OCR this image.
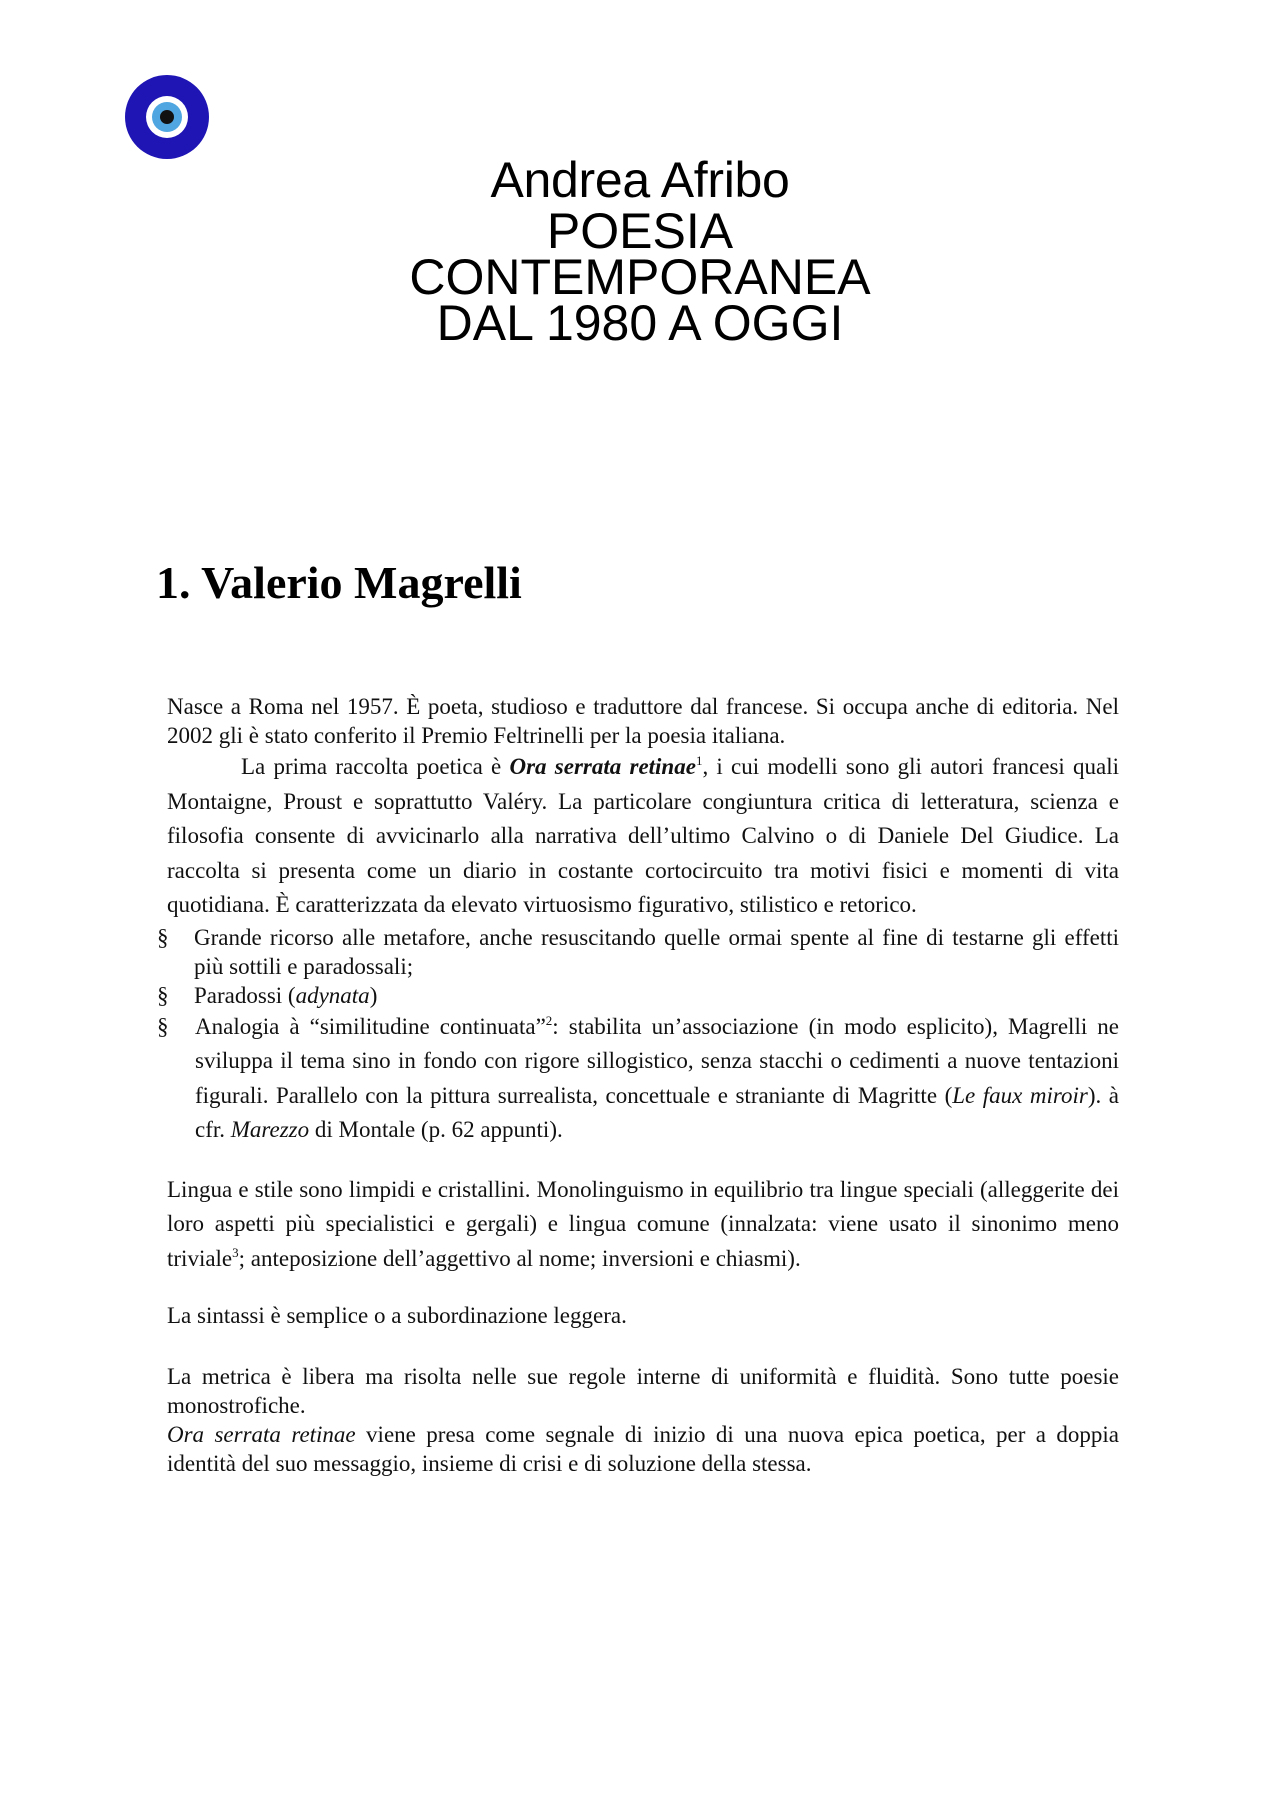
Andrea Afribo
POESIA
CONTEMPORANEA
DAL 1980 A OGGI
1. Valerio Magrelli

Nasce a Roma nel 1957. È poeta, studioso e traduttore dal francese. Si occupa anche di editoria. Nel 2002 gli è stato conferito il Premio Feltrinelli per la poesia italiana.

La prima raccolta poetica è Ora serrata retinae$^1$, i cui modelli sono gli autori francesi quali Montaigne, Proust e soprattutto Valéry. La particolare congiuntura critica di letteratura, scienza e filosofia consente di avvicinarlo alla narrativa dell’ultimo Calvino o di Daniele Del Giudice. La raccolta si presenta come un diario in costante cortocircuito tra motivi fisici e momenti di vita quotidiana. È caratterizzata da elevato virtuosismo figurativo, stilistico e retorico.

§ Grande ricorso alle metafore, anche resuscitando quelle ormai spente al fine di testarne gli effetti più sottili e paradossali;

§ Paradossi (adynata)

§ Analogia à “similitudine continuata”$^2$: stabilita un’associazione (in modo esplicito), Magrelli ne sviluppa il tema sino in fondo con rigore sillogistico, senza stacchi o cedimenti a nuove tentazioni figurali. Parallelo con la pittura surrealista, concettuale e straniante di Magritte (Le faux miroir). à cfr. Marezzo di Montale (p. 62 appunti).

Lingua e stile sono limpidi e cristallini. Monolinguismo in equilibrio tra lingue speciali (alleggerite dei loro aspetti più specialistici e gergali) e lingua comune (innalzata: viene usato il sinonimo meno triviale$^3$; anteposizione dell’aggettivo al nome; inversioni e chiasmi).

La sintassi è semplice o a subordinazione leggera.

La metrica è libera ma risolta nelle sue regole interne di uniformità e fluidità. Sono tutte poesie monostrofiche.

Ora serrata retinae viene presa come segnale di inizio di una nuova epica poetica, per a doppia identità del suo messaggio, insieme di crisi e di soluzione della stessa.
